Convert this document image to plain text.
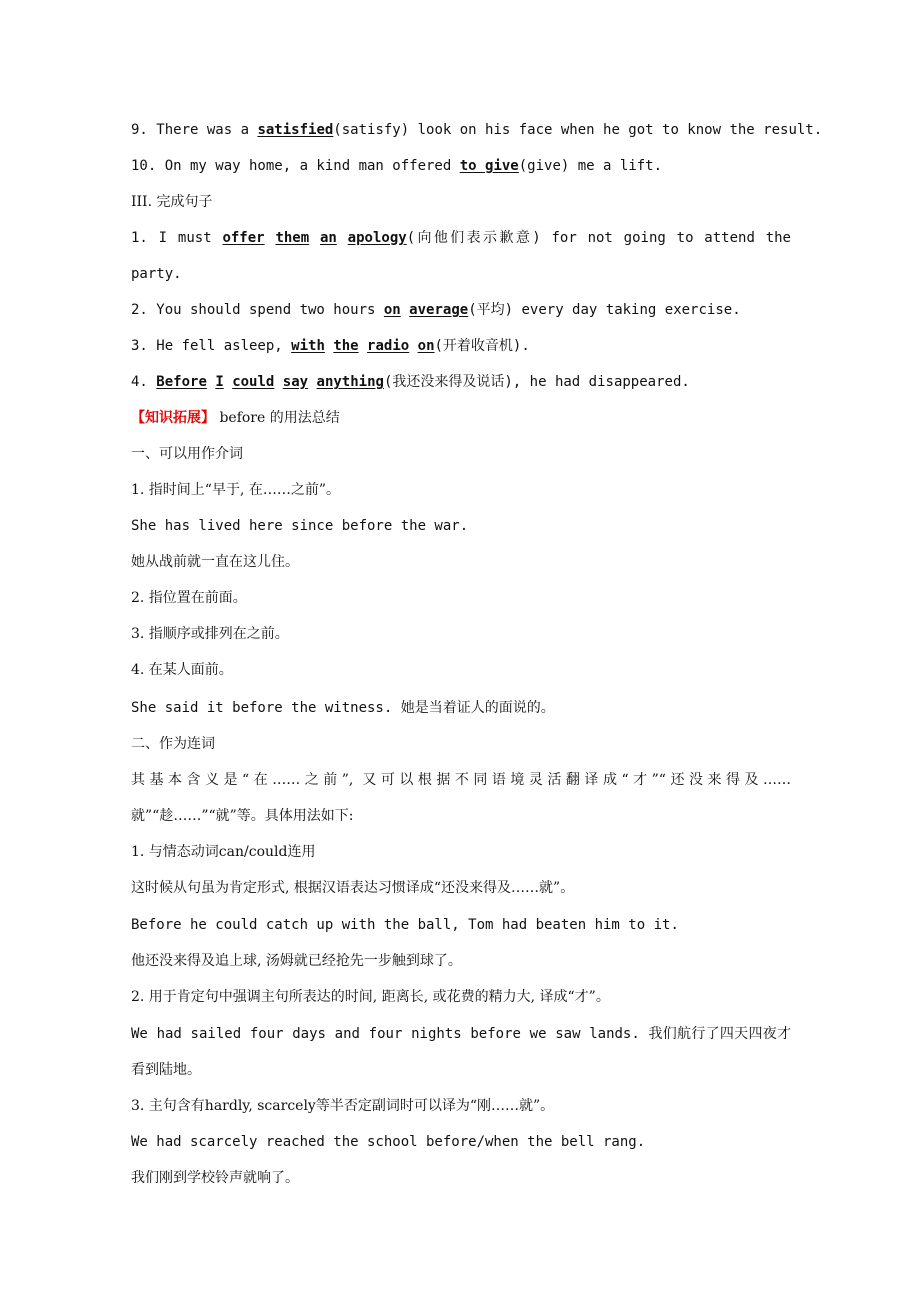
9. There was a satisfied(satisfy) look on his face when he got to know the result.
10. On my way home, a kind man offered to give(give) me a lift.
III. 完成句子
1. I must offer them an apology(向他们表示歉意) for not going to attend the
party.
2. You should spend two hours on average(平均) every day taking exercise.
3. He fell asleep, with the radio on(开着收音机).
4. Before I could say anything(我还没来得及说话), he had disappeared.
【知识拓展】 before 的用法总结
一、可以用作介词
1. 指时间上“早于, 在……之前”。
She has lived here since before the war.
她从战前就一直在这儿住。
2. 指位置在前面。
3. 指顺序或排列在之前。
4. 在某人面前。
She said it before the witness. 她是当着证人的面说的。
二、作为连词
其基本含义是“在……之前”, 又可以根据不同语境灵活翻译成“才”“还没来得及……
就”“趁……”“就”等。具体用法如下:
1. 与情态动词can/could连用
这时候从句虽为肯定形式, 根据汉语表达习惯译成“还没来得及……就”。
Before he could catch up with the ball, Tom had beaten him to it.
他还没来得及追上球, 汤姆就已经抢先一步触到球了。
2. 用于肯定句中强调主句所表达的时间, 距离长, 或花费的精力大, 译成“才”。
We had sailed four days and four nights before we saw lands. 我们航行了四天四夜才
看到陆地。
3. 主句含有hardly, scarcely等半否定副词时可以译为“刚……就”。
We had scarcely reached the school before/when the bell rang.
我们刚到学校铃声就响了。
